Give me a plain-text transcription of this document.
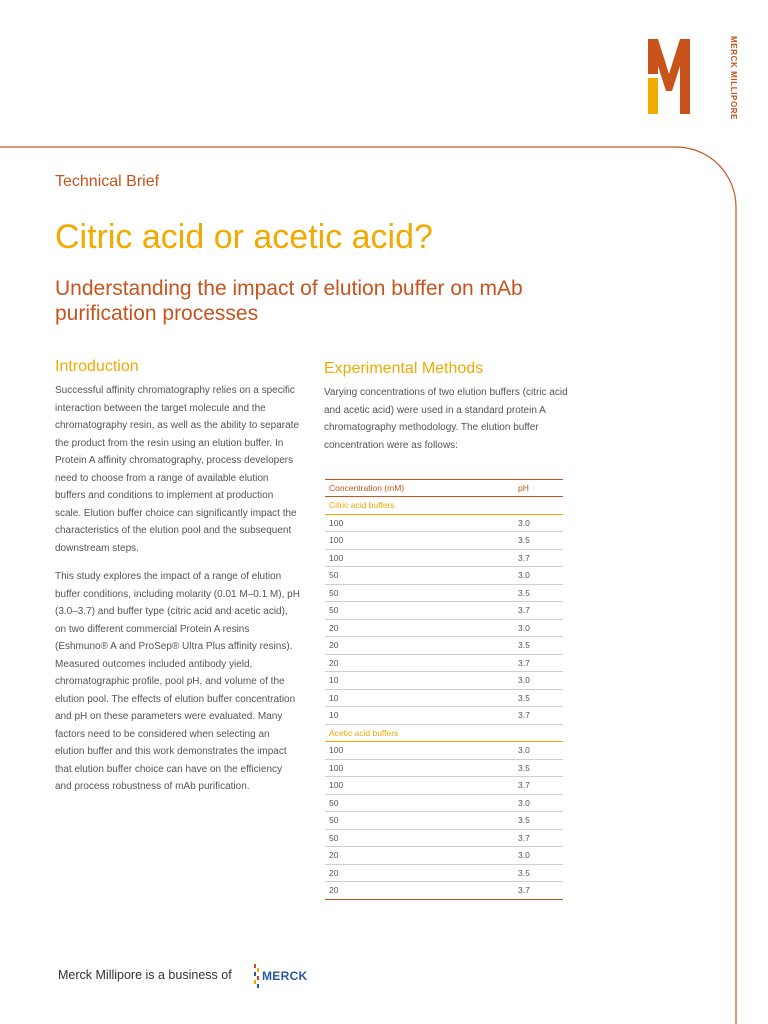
MERCK MILLIPORE
Technical Brief
Citric acid or acetic acid?
Understanding the impact of elution buffer on mAb purification processes
Introduction

Successful affinity chromatography relies on a specific interaction between the target molecule and the chromatography resin, as well as the ability to separate the product from the resin using an elution buffer. In Protein A affinity chromatography, process developers need to choose from a range of available elution buffers and conditions to implement at production scale. Elution buffer choice can significantly impact the characteristics of the elution pool and the subsequent downstream steps.

This study explores the impact of a range of elution buffer conditions, including molarity (0.01 M–0.1 M), pH (3.0–3.7) and buffer type (citric acid and acetic acid), on two different commercial Protein A resins (Eshmuno® A and ProSep® Ultra Plus affinity resins). Measured outcomes included antibody yield, chromatographic profile, pool pH, and volume of the elution pool. The effects of elution buffer concentration and pH on these parameters were evaluated. Many factors need to be considered when selecting an elution buffer and this work demonstrates the impact that elution buffer choice can have on the efficiency and process robustness of mAb purification.

Experimental Methods

Varying concentrations of two elution buffers (citric acid and acetic acid) were used in a standard protein A chromatography methodology. The elution buffer concentration were as follows:

Concentration (mM)	pH
Citric acid buffers	
100	3.0
100	3.5
100	3.7
50	3.0
50	3.5
50	3.7
20	3.0
20	3.5
20	3.7
10	3.0
10	3.5
10	3.7
Acetic acid buffers	
100	3.0
100	3.5
100	3.7
50	3.0
50	3.5
50	3.7
20	3.0
20	3.5
20	3.7
Merck Millipore is a business of	MERCK
